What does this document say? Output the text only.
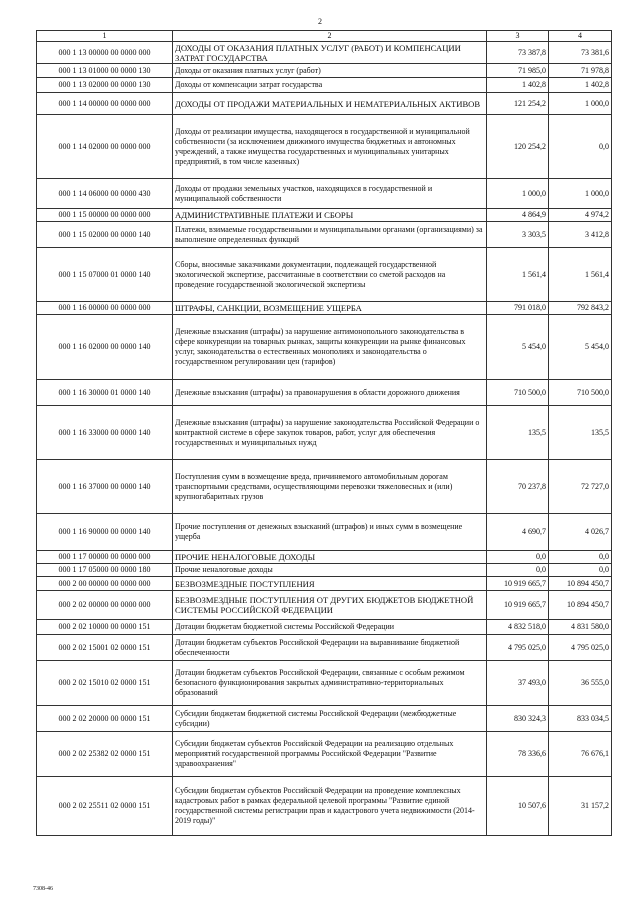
2
1	2	3	4
000 1 13 00000 00 0000 000	ДОХОДЫ ОТ ОКАЗАНИЯ ПЛАТНЫХ УСЛУГ (РАБОТ) И КОМПЕНСАЦИИ ЗАТРАТ ГОСУДАРСТВА	73 387,8	73 381,6
000 1 13 01000 00 0000 130	Доходы от оказания платных услуг (работ)	71 985,0	71 978,8
000 1 13 02000 00 0000 130	Доходы от компенсации затрат государства	1 402,8	1 402,8
000 1 14 00000 00 0000 000	ДОХОДЫ ОТ ПРОДАЖИ МАТЕРИАЛЬНЫХ И НЕМАТЕРИАЛЬНЫХ АКТИВОВ	121 254,2	1 000,0
000 1 14 02000 00 0000 000	Доходы от реализации имущества, находящегося в государственной и муниципальной собственности (за исключением движимого имущества бюджетных и автономных учреждений, а также имущества государственных и муниципальных унитарных предприятий, в том числе казенных)	120 254,2	0,0
000 1 14 06000 00 0000 430	Доходы от продажи земельных участков, находящихся в государственной и муниципальной собственности	1 000,0	1 000,0
000 1 15 00000 00 0000 000	АДМИНИСТРАТИВНЫЕ ПЛАТЕЖИ И СБОРЫ	4 864,9	4 974,2
000 1 15 02000 00 0000 140	Платежи, взимаемые государственными и муниципальными органами (организациями) за выполнение определенных функций	3 303,5	3 412,8
000 1 15 07000 01 0000 140	Сборы, вносимые заказчиками документации, подлежащей государственной экологической экспертизе, рассчитанные в соответствии со сметой расходов на проведение государственной экологической экспертизы	1 561,4	1 561,4
000 1 16 00000 00 0000 000	ШТРАФЫ, САНКЦИИ, ВОЗМЕЩЕНИЕ УЩЕРБА	791 018,0	792 843,2
000 1 16 02000 00 0000 140	Денежные взыскания (штрафы) за нарушение антимонопольного законодательства в сфере конкуренции на товарных рынках, защиты конкуренции на рынке финансовых услуг, законодательства о естественных монополиях и законодательства о государственном регулировании цен (тарифов)	5 454,0	5 454,0
000 1 16 30000 01 0000 140	Денежные взыскания (штрафы) за правонарушения в области дорожного движения	710 500,0	710 500,0
000 1 16 33000 00 0000 140	Денежные взыскания (штрафы) за нарушение законодательства Российской Федерации о контрактной системе в сфере закупок товаров, работ, услуг для обеспечения государственных и муниципальных нужд	135,5	135,5
000 1 16 37000 00 0000 140	Поступления сумм в возмещение вреда, причиняемого автомобильным дорогам транспортными средствами, осуществляющими перевозки тяжеловесных и (или) крупногабаритных грузов	70 237,8	72 727,0
000 1 16 90000 00 0000 140	Прочие поступления от денежных взысканий (штрафов) и иных сумм в возмещение ущерба	4 690,7	4 026,7
000 1 17 00000 00 0000 000	ПРОЧИЕ НЕНАЛОГОВЫЕ ДОХОДЫ	0,0	0,0
000 1 17 05000 00 0000 180	Прочие неналоговые доходы	0,0	0,0
000 2 00 00000 00 0000 000	БЕЗВОЗМЕЗДНЫЕ ПОСТУПЛЕНИЯ	10 919 665,7	10 894 450,7
000 2 02 00000 00 0000 000	БЕЗВОЗМЕЗДНЫЕ ПОСТУПЛЕНИЯ ОТ ДРУГИХ БЮДЖЕТОВ БЮДЖЕТНОЙ СИСТЕМЫ РОССИЙСКОЙ ФЕДЕРАЦИИ	10 919 665,7	10 894 450,7
000 2 02 10000 00 0000 151	Дотации бюджетам бюджетной системы Российской Федерации	4 832 518,0	4 831 580,0
000 2 02 15001 02 0000 151	Дотации бюджетам субъектов Российской Федерации на выравнивание бюджетной обеспеченности	4 795 025,0	4 795 025,0
000 2 02 15010 02 0000 151	Дотации бюджетам субъектов Российской Федерации, связанные с особым режимом безопасного функционирования закрытых административно-территориальных образований	37 493,0	36 555,0
000 2 02 20000 00 0000 151	Субсидии бюджетам бюджетной системы Российской Федерации (межбюджетные субсидии)	830 324,3	833 034,5
000 2 02 25382 02 0000 151	Субсидии бюджетам субъектов Российской Федерации на реализацию отдельных мероприятий государственной программы Российской Федерации "Развитие здравоохранения"	78 336,6	76 676,1
000 2 02 25511 02 0000 151	Субсидии бюджетам субъектов Российской Федерации на проведение комплексных кадастровых работ в рамках федеральной целевой программы "Развитие единой государственной системы регистрации прав и кадастрового учета недвижимости (2014-2019 годы)"	10 507,6	31 157,2
7308-46
